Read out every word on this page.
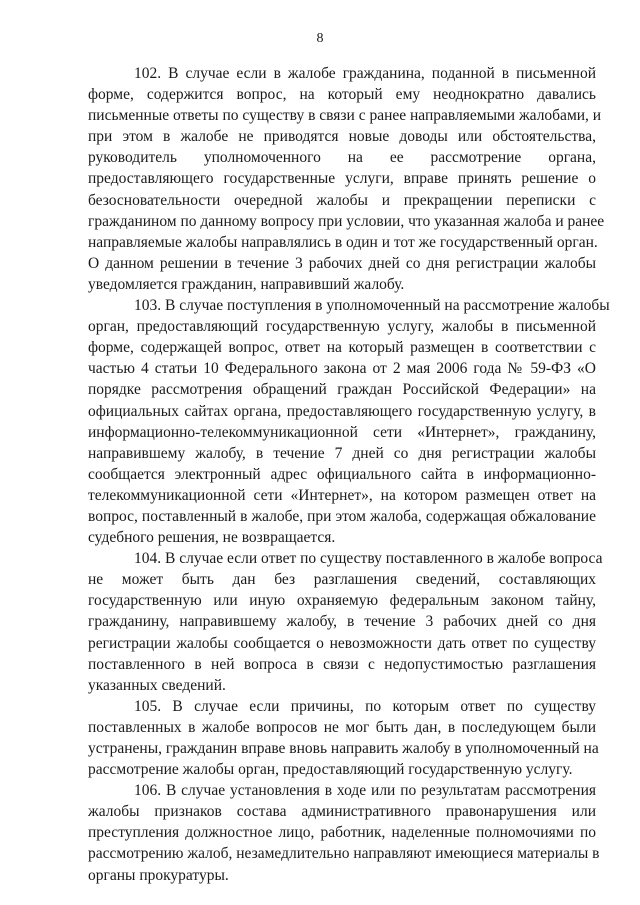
8

102. В случае если в жалобе гражданина, поданной в письменной
форме, содержится вопрос, на который ему неоднократно давались
письменные ответы по существу в связи с ранее направляемыми жалобами, и
при этом в жалобе не приводятся новые доводы или обстоятельства,
руководитель уполномоченного на ее рассмотрение органа,
предоставляющего государственные услуги, вправе принять решение о
безосновательности очередной жалобы и прекращении переписки с
гражданином по данному вопросу при условии, что указанная жалоба и ранее
направляемые жалобы направлялись в один и тот же государственный орган.
О данном решении в течение 3 рабочих дней со дня регистрации жалобы
уведомляется гражданин, направивший жалобу.

103. В случае поступления в уполномоченный на рассмотрение жалобы
орган, предоставляющий государственную услугу, жалобы в письменной
форме, содержащей вопрос, ответ на который размещен в соответствии с
частью 4 статьи 10 Федерального закона от 2 мая 2006 года № 59-ФЗ «О
порядке рассмотрения обращений граждан Российской Федерации» на
официальных сайтах органа, предоставляющего государственную услугу, в
информационно-телекоммуникационной сети «Интернет», гражданину,
направившему жалобу, в течение 7 дней со дня регистрации жалобы
сообщается электронный адрес официального сайта в информационно-
телекоммуникационной сети «Интернет», на котором размещен ответ на
вопрос, поставленный в жалобе, при этом жалоба, содержащая обжалование
судебного решения, не возвращается.

104. В случае если ответ по существу поставленного в жалобе вопроса
не может быть дан без разглашения сведений, составляющих
государственную или иную охраняемую федеральным законом тайну,
гражданину, направившему жалобу, в течение 3 рабочих дней со дня
регистрации жалобы сообщается о невозможности дать ответ по существу
поставленного в ней вопроса в связи с недопустимостью разглашения
указанных сведений.

105. В случае если причины, по которым ответ по существу
поставленных в жалобе вопросов не мог быть дан, в последующем были
устранены, гражданин вправе вновь направить жалобу в уполномоченный на
рассмотрение жалобы орган, предоставляющий государственную услугу.

106. В случае установления в ходе или по результатам рассмотрения
жалобы признаков состава административного правонарушения или
преступления должностное лицо, работник, наделенные полномочиями по
рассмотрению жалоб, незамедлительно направляют имеющиеся материалы в
органы прокуратуры.
